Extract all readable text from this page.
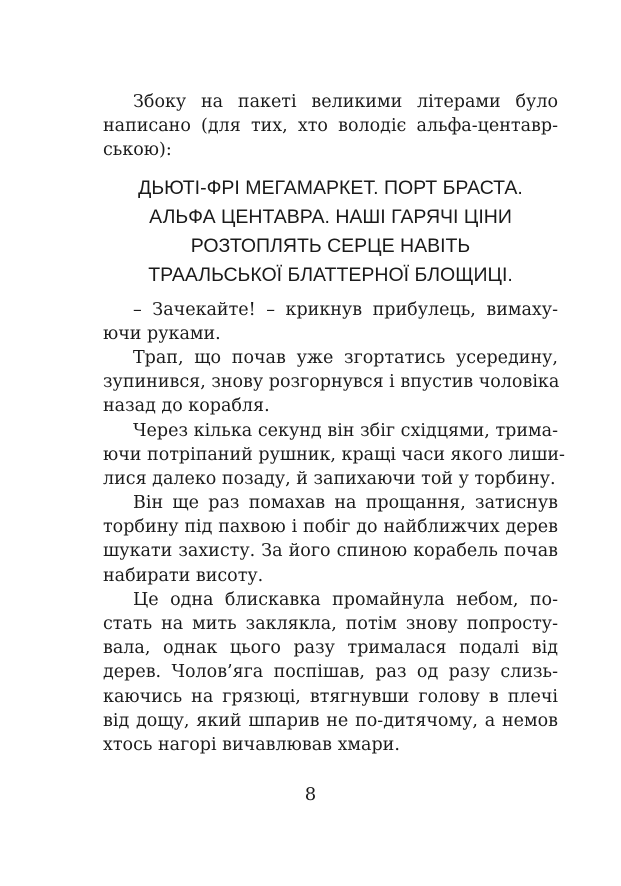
Збоку на пакеті великими літерами було
написано (для тих, хто володіє альфа-центавр-
ською):
ДЬЮТІ-ФРІ МЕГАМАРКЕТ. ПОРТ БРАСТА.
АЛЬФА ЦЕНТАВРА. НАШІ ГАРЯЧІ ЦІНИ
РОЗТОПЛЯТЬ СЕРЦЕ НАВІТЬ
ТРААЛЬСЬКОЇ БЛАТТЕРНОЇ БЛОЩИЦІ.
– Зачекайте! – крикнув прибулець, вимаху-
ючи руками.
Трап, що почав уже згортатись усередину,
зупинився, знову розгорнувся і впустив чоловіка
назад до корабля.
Через кілька секунд він збіг східцями, трима-
ючи потріпаний рушник, кращі часи якого лиши-
лися далеко позаду, й запихаючи той у торбину.
Він ще раз помахав на прощання, затиснув
торбину під пахвою і побіг до найближчих дерев
шукати захисту. За його спиною корабель почав
набирати висоту.
Це одна блискавка промайнула небом, по-
стать на мить заклякла, потім знову попросту-
вала, однак цього разу трималася подалі від
дерев. Чолов’яга поспішав, раз од разу слизь-
каючись на грязюці, втягнувши голову в плечі
від дощу, який шпарив не по-дитячому, а немов
хтось нагорі вичавлював хмари.
8
